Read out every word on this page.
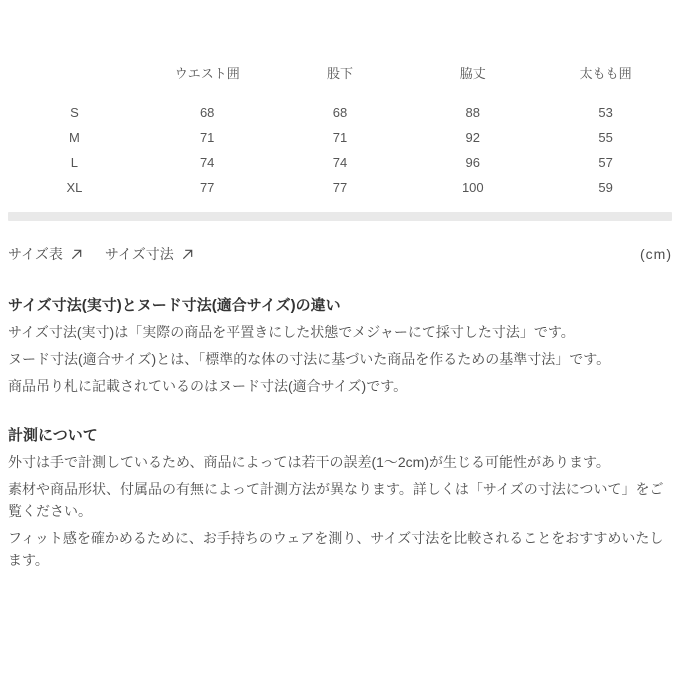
	ウエスト囲	股下	脇丈	太もも囲
S	68	68	88	53
M	71	71	92	55
L	74	74	96	57
XL	77	77	100	59
サイズ表	サイズ寸法	(cm)
サイズ寸法(実寸)とヌード寸法(適合サイズ)の違い

サイズ寸法(実寸)は「実際の商品を平置きにした状態でメジャーにて採寸した寸法」です。

ヌード寸法(適合サイズ)とは、「標準的な体の寸法に基づいた商品を作るための基準寸法」です。

商品吊り札に記載されているのはヌード寸法(適合サイズ)です。

計測について

外寸は手で計測しているため、商品によっては若干の誤差(1〜2cm)が生じる可能性があります。

素材や商品形状、付属品の有無によって計測方法が異なります。詳しくは「サイズの寸法について」をご覧ください。

フィット感を確かめるために、お手持ちのウェアを測り、サイズ寸法を比較されることをおすすめいたします。
